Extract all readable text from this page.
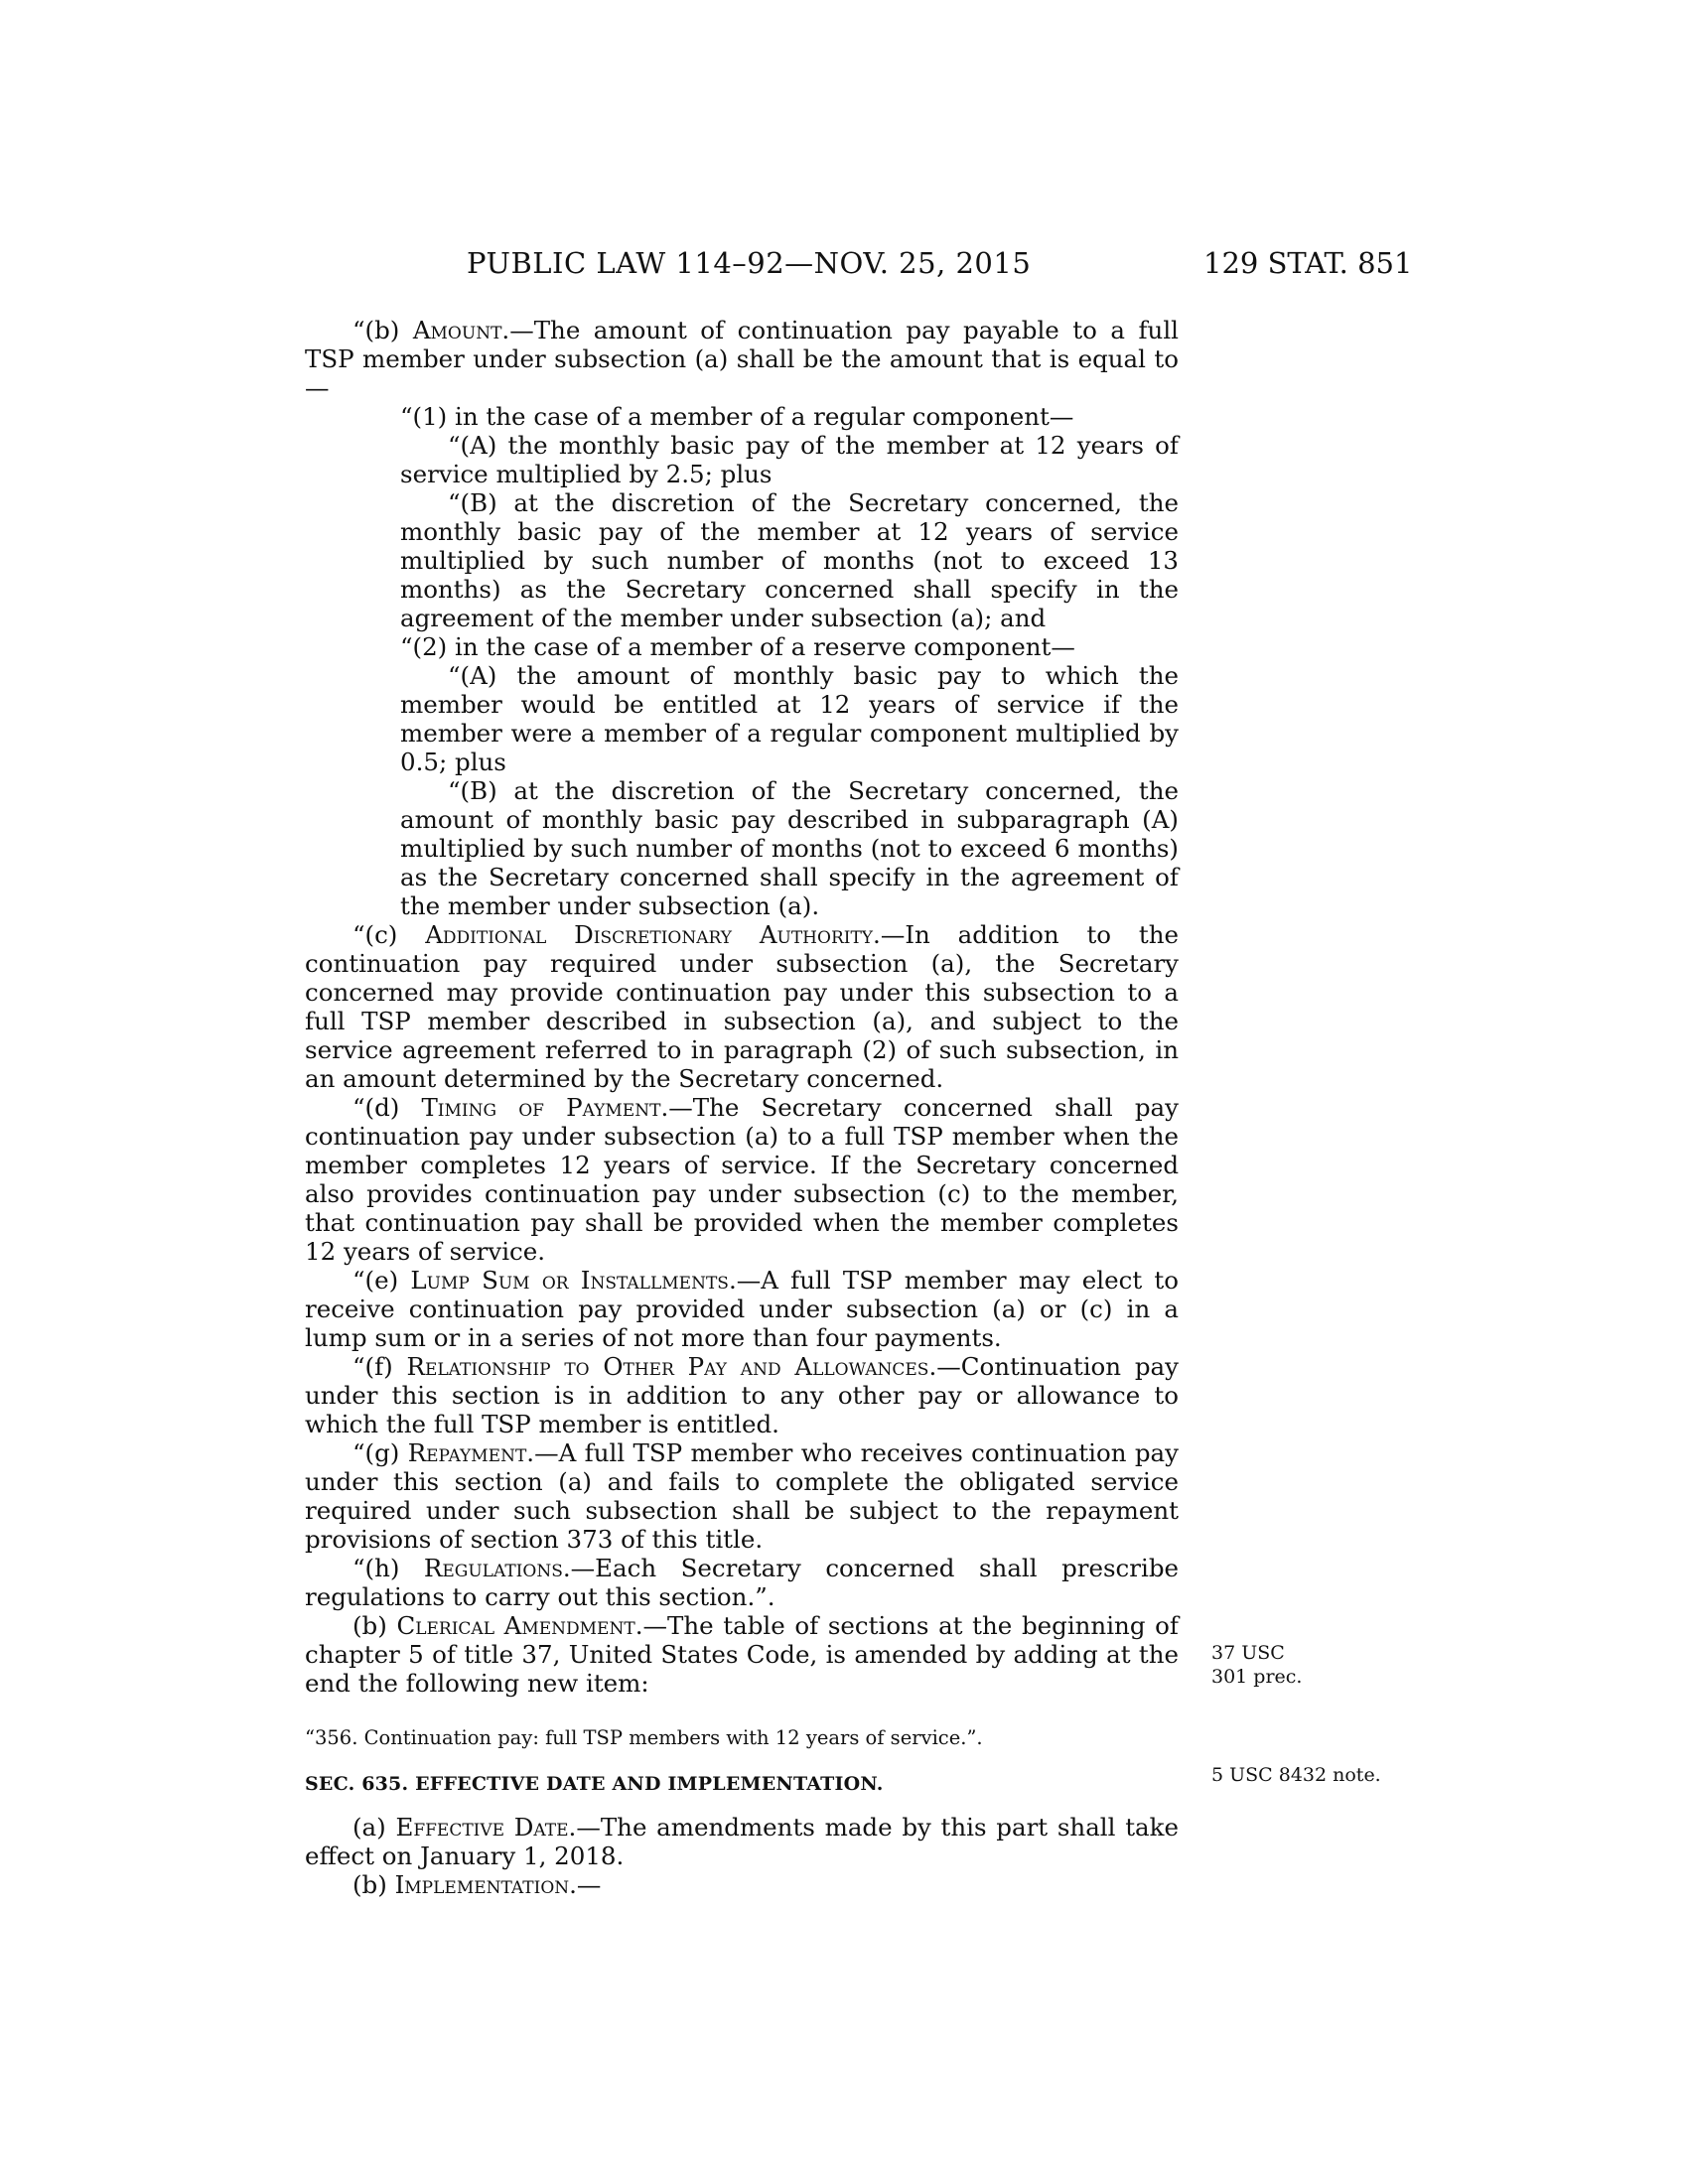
PUBLIC LAW 114–92—NOV. 25, 2015	129 STAT. 851

“(b) Amount.—The amount of continuation pay payable to a full TSP member under subsection (a) shall be the amount that is equal to—

“(1) in the case of a member of a regular component—

“(A) the monthly basic pay of the member at 12 years of service multiplied by 2.5; plus

“(B) at the discretion of the Secretary concerned, the monthly basic pay of the member at 12 years of service multiplied by such number of months (not to exceed 13 months) as the Secretary concerned shall specify in the agreement of the member under subsection (a); and

“(2) in the case of a member of a reserve component—

“(A) the amount of monthly basic pay to which the member would be entitled at 12 years of service if the member were a member of a regular component multiplied by 0.5; plus

“(B) at the discretion of the Secretary concerned, the amount of monthly basic pay described in subparagraph (A) multiplied by such number of months (not to exceed 6 months) as the Secretary concerned shall specify in the agreement of the member under subsection (a).

“(c) Additional Discretionary Authority.—In addition to the continuation pay required under subsection (a), the Secretary concerned may provide continuation pay under this subsection to a full TSP member described in subsection (a), and subject to the service agreement referred to in paragraph (2) of such subsection, in an amount determined by the Secretary concerned.

“(d) Timing of Payment.—The Secretary concerned shall pay continuation pay under subsection (a) to a full TSP member when the member completes 12 years of service. If the Secretary concerned also provides continuation pay under subsection (c) to the member, that continuation pay shall be provided when the member completes 12 years of service.

“(e) Lump Sum or Installments.—A full TSP member may elect to receive continuation pay provided under subsection (a) or (c) in a lump sum or in a series of not more than four payments.

“(f) Relationship to Other Pay and Allowances.—Continuation pay under this section is in addition to any other pay or allowance to which the full TSP member is entitled.

“(g) Repayment.—A full TSP member who receives continuation pay under this section (a) and fails to complete the obligated service required under such subsection shall be subject to the repayment provisions of section 373 of this title.

“(h) Regulations.—Each Secretary concerned shall prescribe regulations to carry out this section.”.

(b) Clerical Amendment.—The table of sections at the beginning of chapter 5 of title 37, United States Code, is amended by adding at the end the following new item:

“356. Continuation pay: full TSP members with 12 years of service.”.

SEC. 635. EFFECTIVE DATE AND IMPLEMENTATION.

(a) Effective Date.—The amendments made by this part shall take effect on January 1, 2018.

(b) Implementation.—

37 USC
301 prec.
5 USC 8432 note.
